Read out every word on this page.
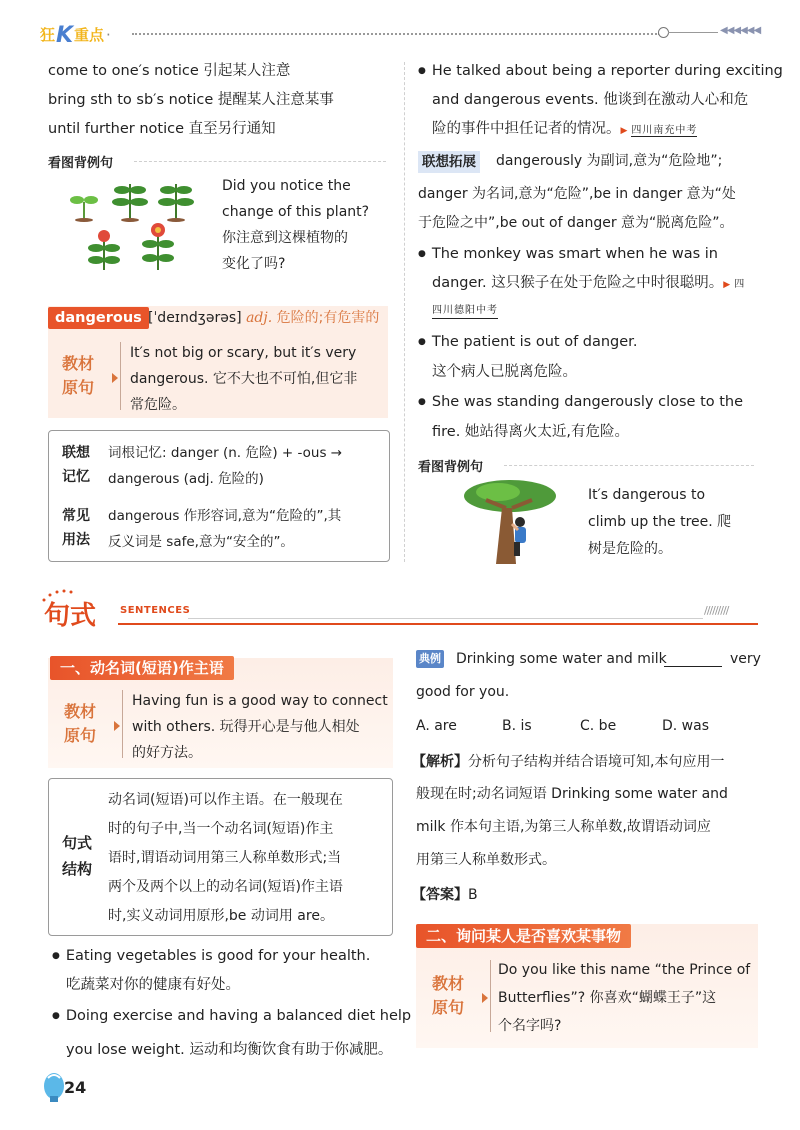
狂 K 重点 ·	◀◀◀◀◀◀
come to one′s notice 引起某人注意
bring sth to sb′s notice 提醒某人注意某事
until further notice 直至另行通知
看图背例句
Did you notice the
change of this plant?
你注意到这棵植物的
变化了吗?
dangerous [ˈdeɪndʒərəs] adj. 危险的;有危害的
教材
原句
It′s not big or scary, but it′s very
dangerous. 它不大也不可怕,但它非
常危险。
联想
记忆
词根记忆: danger (n. 危险) + -ous →
dangerous (adj. 危险的)
常见
用法
dangerous 作形容词,意为“危险的”,其
反义词是 safe,意为“安全的”。
● He talked about being a reporter during exciting
and dangerous events. 他谈到在激动人心和危
险的事件中担任记者的情况。▶ 四川南充中考
联想拓展 dangerously 为副词,意为“危险地”;
danger 为名词,意为“危险”,be in danger 意为“处
于危险之中”,be out of danger 意为“脱离危险”。
● The monkey was smart when he was in
danger. 这只猴子在处于危险之中时很聪明。▶ 四
四川德阳中考
● The patient is out of danger.
这个病人已脱离危险。
● She was standing dangerously close to the
fire. 她站得离火太近,有危险。
看图背例句
It′s dangerous to
climb up the tree. 爬
树是危险的。
句式 SENTENCES	/////////
一、动名词(短语)作主语
教材
原句
Having fun is a good way to connect
with others. 玩得开心是与他人相处
的好方法。
句式
结构
动名词(短语)可以作主语。在一般现在
时的句子中,当一个动名词(短语)作主
语时,谓语动词用第三人称单数形式;当
两个及两个以上的动名词(短语)作主语
时,实义动词用原形,be 动词用 are。
● Eating vegetables is good for your health.
吃蔬菜对你的健康有好处。
● Doing exercise and having a balanced diet help
you lose weight. 运动和均衡饮食有助于你减肥。
典例 Drinking some water and milk	very
good for you.
A. are	B. is	C. be	D. was
【解析】分析句子结构并结合语境可知,本句应用一
般现在时;动名词短语 Drinking some water and
milk 作本句主语,为第三人称单数,故谓语动词应
用第三人称单数形式。
【答案】B
二、询问某人是否喜欢某事物
教材
原句
Do you like this name “the Prince of
Butterflies”? 你喜欢“蝴蝶王子”这
个名字吗?
24
